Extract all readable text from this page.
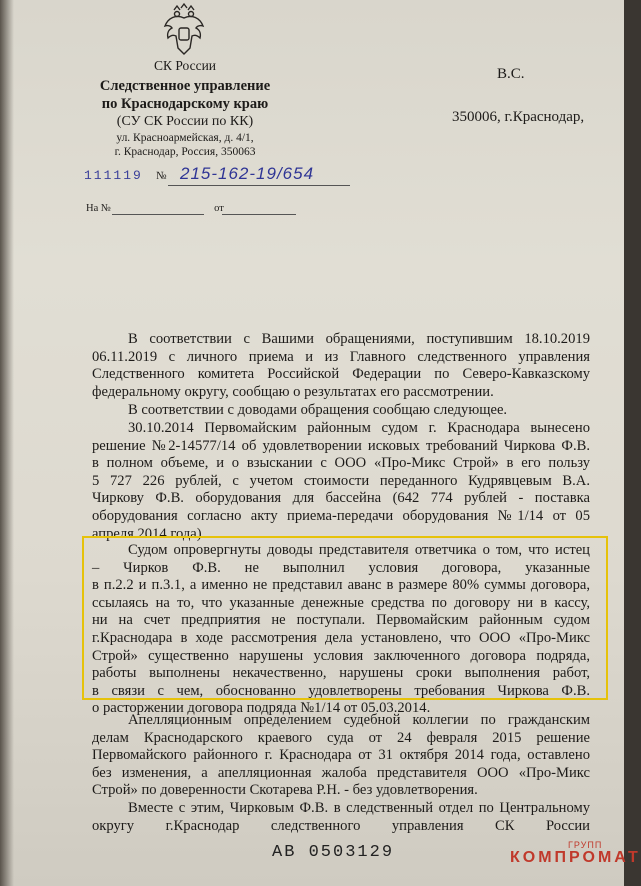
СК России
Следственное управление
по Краснодарскому краю
(СУ СК России по КК)
ул. Красноармейская, д. 4/1,
г. Краснодар, Россия, 350063
111119 № 215-162-19/654
На №	от
В.С.
350006, г.Краснодар,
В соответствии с Вашими обращениями, поступившим 18.10.2019
06.11.2019 с личного приема и из Главного следственного управления
Следственного комитета Российской Федерации по Северо-Кавказскому
федеральному округу, сообщаю о результатах его рассмотрении.
В соответствии с доводами обращения сообщаю следующее.
30.10.2014 Первомайским районным судом г. Краснодара вынесено
решение №2-14577/14 об удовлетворении исковых требований Чиркова Ф.В.
в полном объеме, и о взыскании с ООО «Про-Микс Строй» в его пользу
5 727 226 рублей, с учетом стоимости переданного Кудрявцевым В.А.
Чиркову Ф.В. оборудования для бассейна (642 774 рублей - поставка
оборудования согласно акту приема-передачи оборудования №1/14 от 05
апреля 2014 года).
Судом опровергнуты доводы представителя ответчика о том, что истец
– Чирков Ф.В. не выполнил условия договора, указанные
в п.2.2 и п.3.1, а именно не представил аванс в размере 80% суммы договора,
ссылаясь на то, что указанные денежные средства по договору ни в кассу,
ни на счет предприятия не поступали. Первомайским районным судом
г.Краснодара в ходе рассмотрения дела установлено, что ООО «Про-Микс
Строй» существенно нарушены условия заключенного договора подряда,
работы выполнены некачественно, нарушены сроки выполнения работ,
в связи с чем, обоснованно удовлетворены требования Чиркова Ф.В.
о расторжении договора подряда №1/14 от 05.03.2014.
Апелляционным определением судебной коллегии по гражданским
делам Краснодарского краевого суда от 24 февраля 2015 решение
Первомайского районного г. Краснодара от 31 октября 2014 года, оставлено
без изменения, а апелляционная жалоба представителя ООО «Про-Микс
Строй» по доверенности Скотарева Р.Н. - без удовлетворения.
Вместе с этим, Чирковым Ф.В. в следственный отдел по Центральному
округу г.Краснодар следственного управления СК России
АВ 0503129	ГРУПП
КОМПРОМАТ
